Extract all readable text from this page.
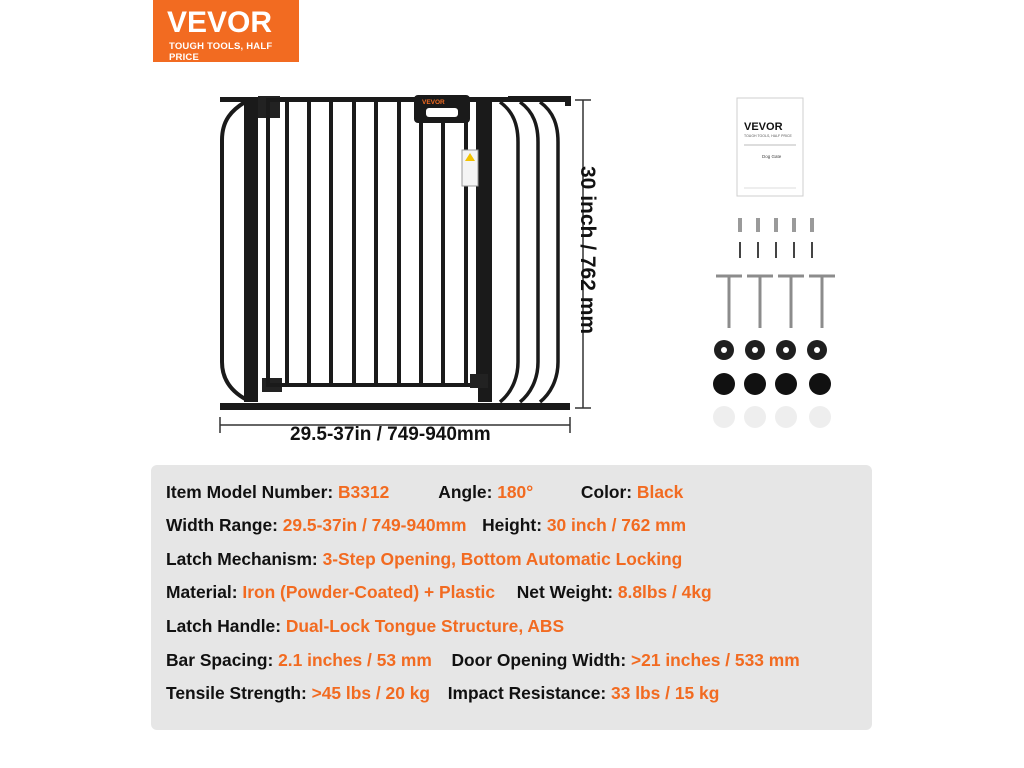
VEVOR
TOUGH TOOLS, HALF PRICE
VEVOR
30 inch / 762 mm
29.5-37in / 749-940mm
VEVOR
TOUGH TOOLS, HALF PRICE
Dog Gate
Item Model Number: B3312	Angle: 180°	Color: Black
Width Range: 29.5-37in / 749-940mm Height: 30 inch / 762 mm
Latch Mechanism: 3-Step Opening, Bottom Automatic Locking
Material: Iron (Powder-Coated) + Plastic Net Weight: 8.8lbs / 4kg
Latch Handle: Dual-Lock Tongue Structure, ABS
Bar Spacing: 2.1 inches / 53 mm Door Opening Width: >21 inches / 533 mm
Tensile Strength: >45 lbs / 20 kg Impact Resistance: 33 lbs / 15 kg
